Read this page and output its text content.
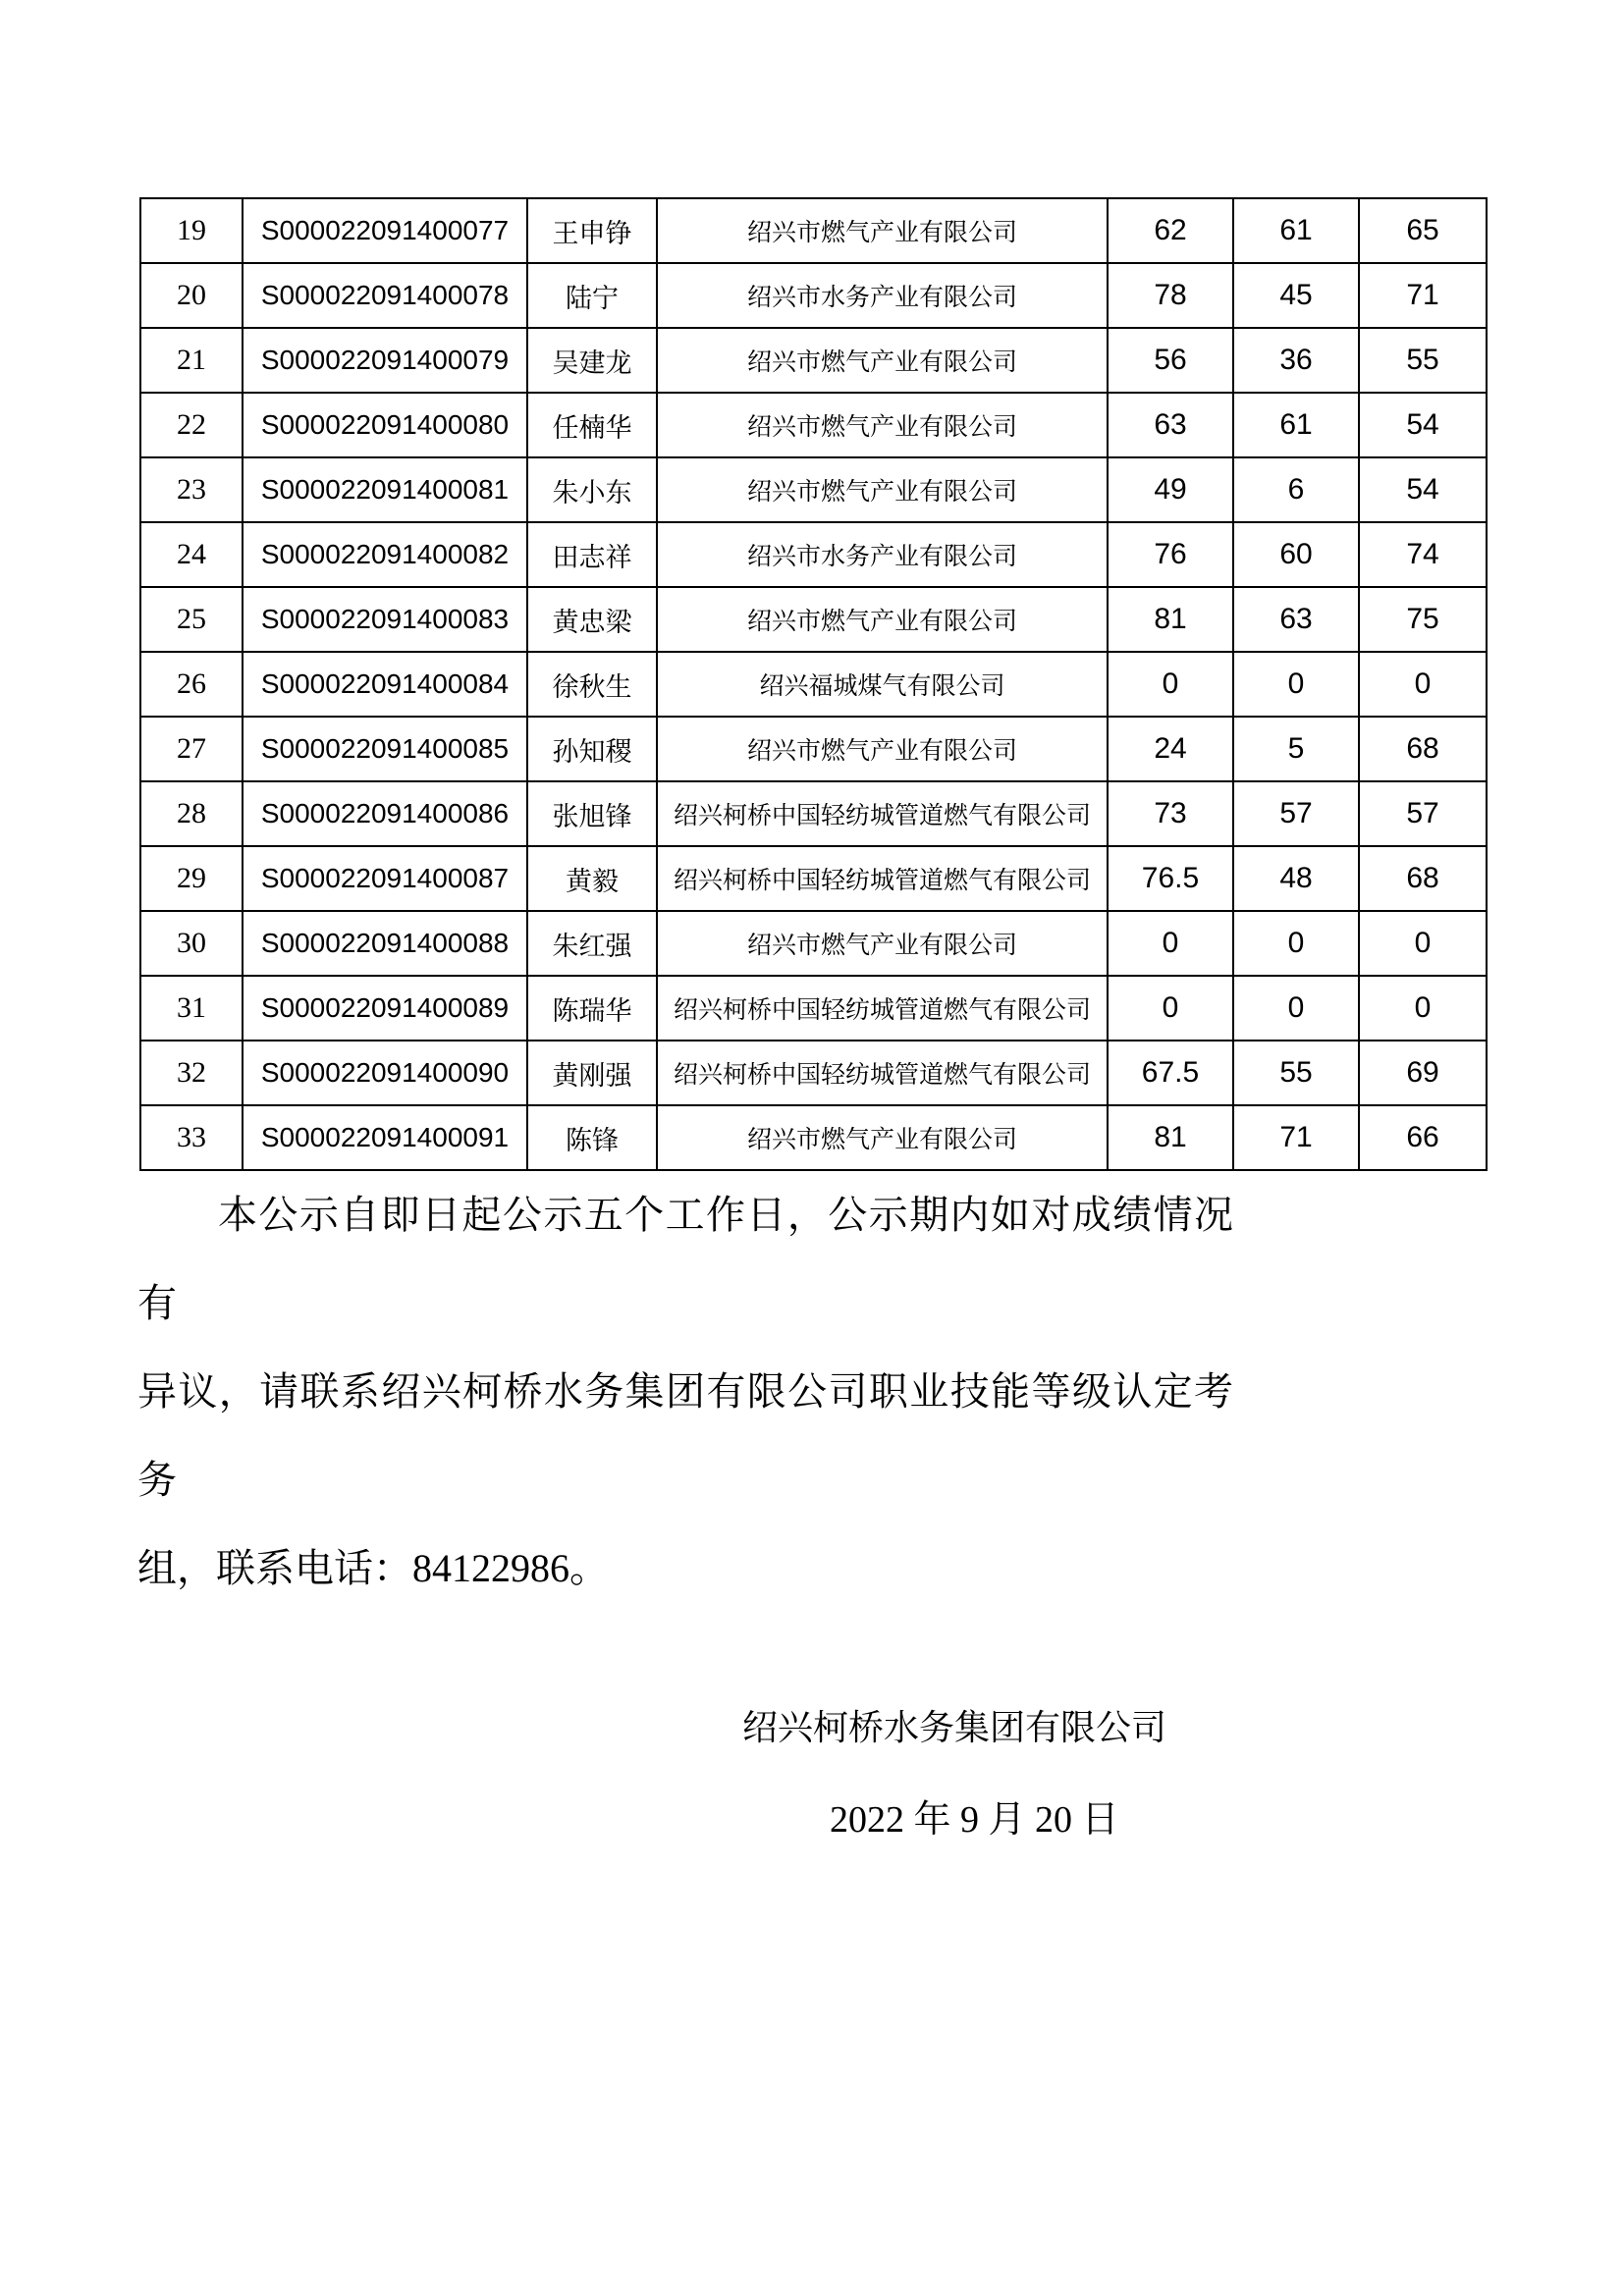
19	S000022091400077	王申铮	绍兴市燃气产业有限公司	62	61	65
20	S000022091400078	陆宁	绍兴市水务产业有限公司	78	45	71
21	S000022091400079	吴建龙	绍兴市燃气产业有限公司	56	36	55
22	S000022091400080	任楠华	绍兴市燃气产业有限公司	63	61	54
23	S000022091400081	朱小东	绍兴市燃气产业有限公司	49	6	54
24	S000022091400082	田志祥	绍兴市水务产业有限公司	76	60	74
25	S000022091400083	黄忠梁	绍兴市燃气产业有限公司	81	63	75
26	S000022091400084	徐秋生	绍兴福城煤气有限公司	0	0	0
27	S000022091400085	孙知稷	绍兴市燃气产业有限公司	24	5	68
28	S000022091400086	张旭锋	绍兴柯桥中国轻纺城管道燃气有限公司	73	57	57
29	S000022091400087	黄毅	绍兴柯桥中国轻纺城管道燃气有限公司	76.5	48	68
30	S000022091400088	朱红强	绍兴市燃气产业有限公司	0	0	0
31	S000022091400089	陈瑞华	绍兴柯桥中国轻纺城管道燃气有限公司	0	0	0
32	S000022091400090	黄刚强	绍兴柯桥中国轻纺城管道燃气有限公司	67.5	55	69
33	S000022091400091	陈锋	绍兴市燃气产业有限公司	81	71	66
本公示自即日起公示五个工作日，公示期内如对成绩情况有
异议，请联系绍兴柯桥水务集团有限公司职业技能等级认定考务
组，联系电话：84122986。
绍兴柯桥水务集团有限公司
2022 年 9 月 20 日
